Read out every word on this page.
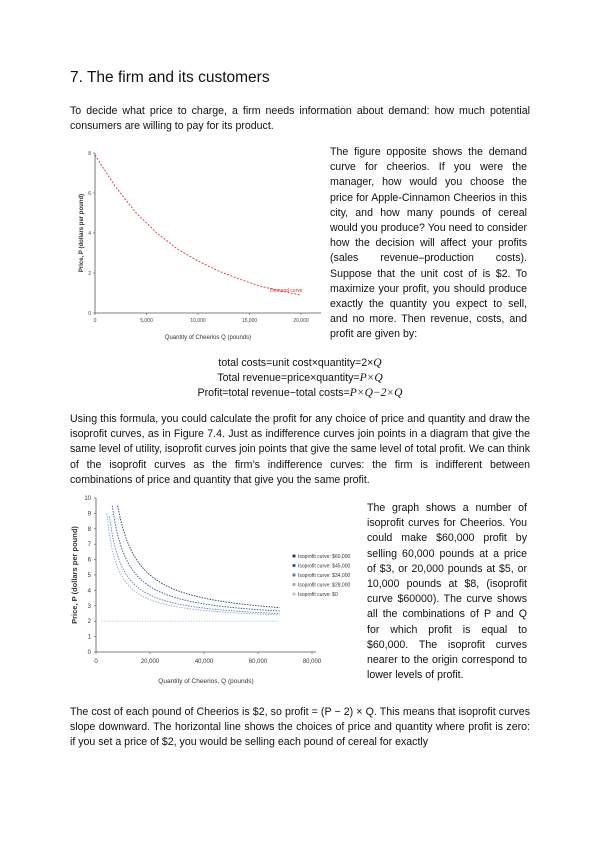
7. The firm and its customers
To decide what price to charge, a firm needs information about demand: how much potential consumers are willing to pay for its product.
0
2
4
6
8
0	5,000	10,000	15,000	20,000
Price, P (dollars per pound)
Quantity of Cheerios Q (pounds)
Demand curve
The figure opposite shows the demand curve for cheerios. If you were the manager, how would you choose the price for Apple-Cinnamon Cheerios in this city, and how many pounds of cereal would you produce? You need to consider how the decision will affect your profits (sales revenue–production costs). Suppose that the unit cost of is $2. To maximize your profit, you should produce exactly the quantity you expect to sell, and no more. Then revenue, costs, and profit are given by:
total costs=unit cost×quantity=2×Q
Total revenue=price×quantity=P×Q
Profit=total revenue−total costs=P×Q−2×Q
Using this formula, you could calculate the profit for any choice of price and quantity and draw the isoprofit curves, as in Figure 7.4. Just as indifference curves join points in a diagram that give the same level of utility, isoprofit curves join points that give the same level of total profit. We can think of the isoprofit curves as the firm’s indifference curves: the firm is indifferent between combinations of price and quantity that give you the same profit.
0
1
2
3
4
5
6
7
8
9
10
0	20,000	40,000	60,000	80,000
Isoprofit curve: $60,000
Isoprofit curve: $45,000
Isoprofit curve: $34,000
Isoprofit curve: $28,000
Isoprofit curve: $0
Price, P (dollars per pound)
Quantity of Cheerios, Q (pounds)
The graph shows a number of isoprofit curves for Cheerios. You could make $60,000 profit by selling 60,000 pounds at a price of $3, or 20,000 pounds at $5, or 10,000 pounds at $8, (isoprofit curve $60000). The curve shows all the combinations of P and Q for which profit is equal to $60,000. The isoprofit curves nearer to the origin correspond to lower levels of profit.
The cost of each pound of Cheerios is $2, so profit = (P − 2) × Q. This means that isoprofit curves slope downward. The horizontal line shows the choices of price and quantity where profit is zero: if you set a price of $2, you would be selling each pound of cereal for exactly
